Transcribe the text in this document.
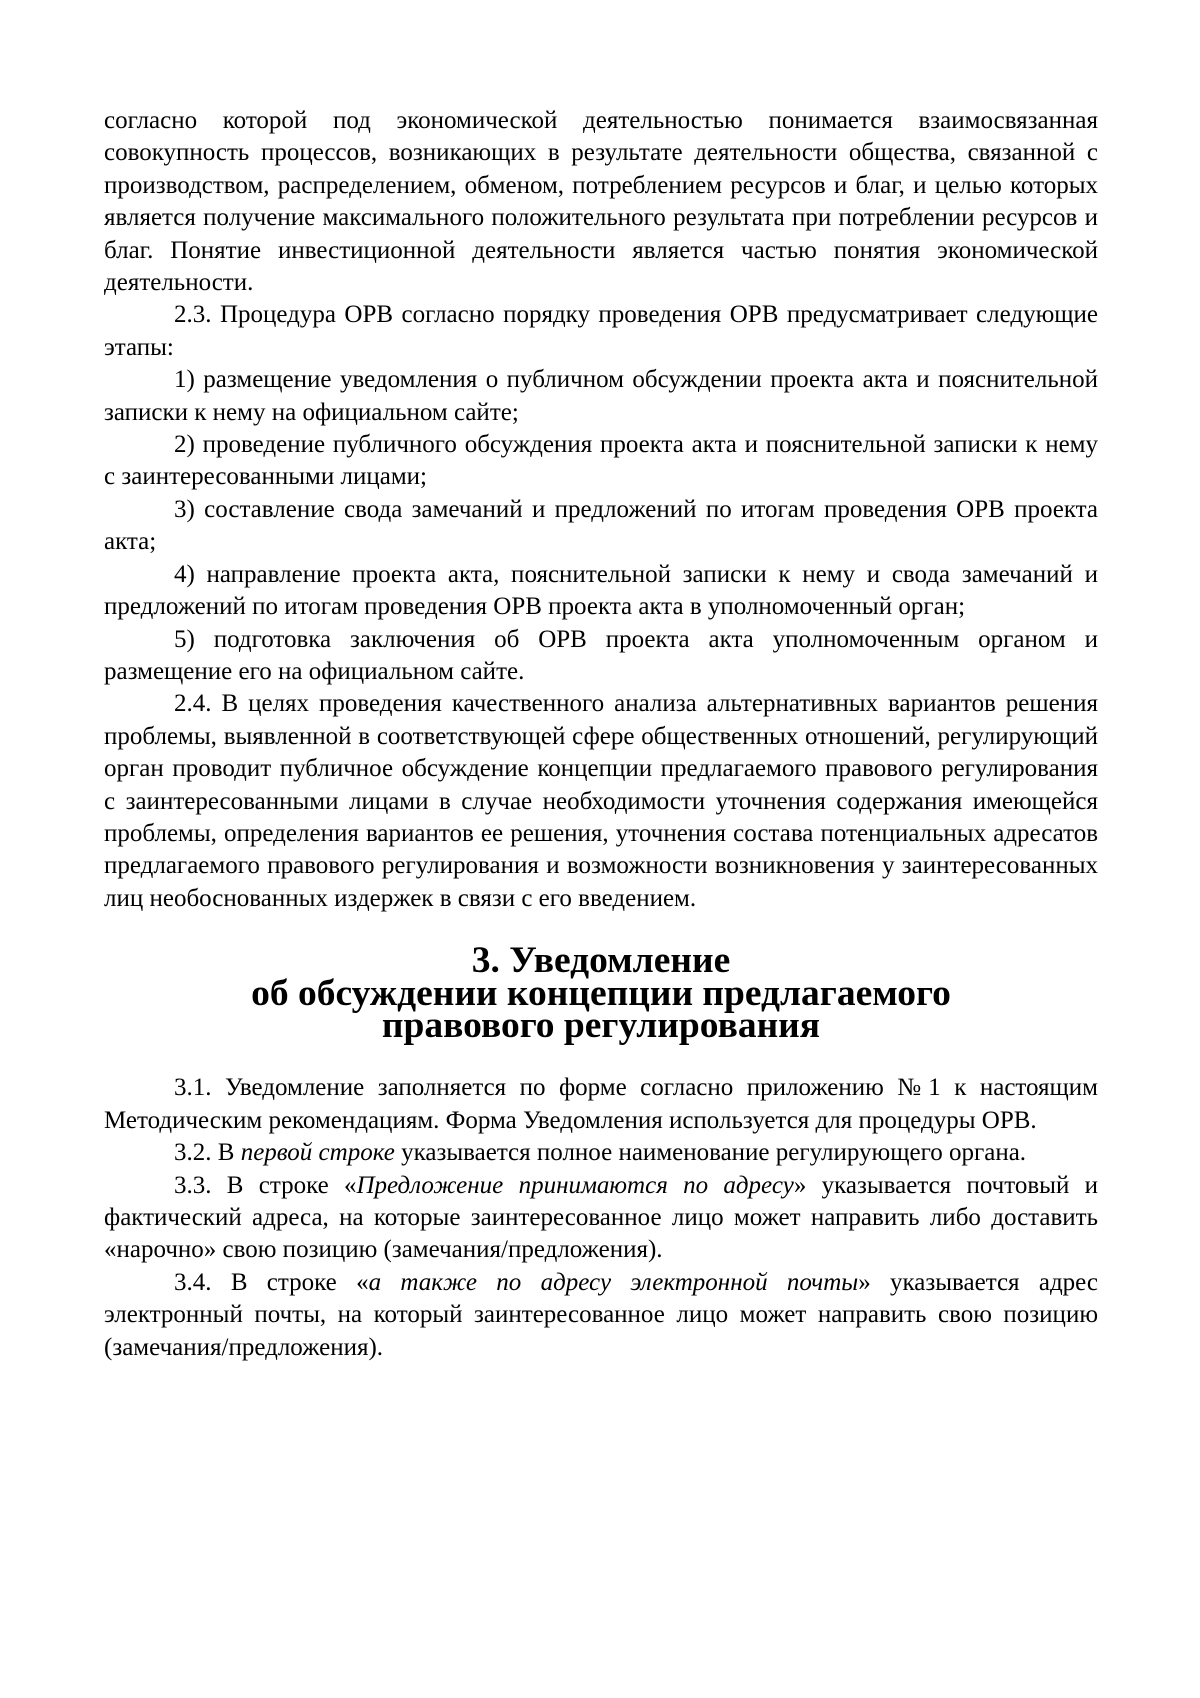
согласно которой под экономической деятельностью понимается взаимосвязанная совокупность процессов, возникающих в результате деятельности общества, связанной с производством, распределением, обменом, потреблением ресурсов и благ, и целью которых является получение максимального положительного результата при потреблении ресурсов и благ. Понятие инвестиционной деятельности является частью понятия экономической деятельности.

2.3. Процедура ОРВ согласно порядку проведения ОРВ предусматривает следующие этапы:

1) размещение уведомления о публичном обсуждении проекта акта и пояснительной записки к нему на официальном сайте;

2) проведение публичного обсуждения проекта акта и пояснительной записки к нему с заинтересованными лицами;

3) составление свода замечаний и предложений по итогам проведения ОРВ проекта акта;

4) направление проекта акта, пояснительной записки к нему и свода замечаний и предложений по итогам проведения ОРВ проекта акта в уполномоченный орган;

5) подготовка заключения об ОРВ проекта акта уполномоченным органом и размещение его на официальном сайте.

2.4. В целях проведения качественного анализа альтернативных вариантов решения проблемы, выявленной в соответствующей сфере общественных отношений, регулирующий орган проводит публичное обсуждение концепции предлагаемого правового регулирования с заинтересованными лицами в случае необходимости уточнения содержания имеющейся проблемы, определения вариантов ее решения, уточнения состава потенциальных адресатов предлагаемого правового регулирования и возможности возникновения у заинтересованных лиц необоснованных издержек в связи с его введением.

3. Уведомление
об обсуждении концепции предлагаемого
правового регулирования

3.1. Уведомление заполняется по форме согласно приложению №1 к настоящим Методическим рекомендациям. Форма Уведомления используется для процедуры ОРВ.

3.2. В первой строке указывается полное наименование регулирующего органа.

3.3. В строке «Предложение принимаются по адресу» указывается почтовый и фактический адреса, на которые заинтересованное лицо может направить либо доставить «нарочно» свою позицию (замечания/предложения).

3.4. В строке «а также по адресу электронной почты» указывается адрес электронный почты, на который заинтересованное лицо может направить свою позицию (замечания/предложения).
